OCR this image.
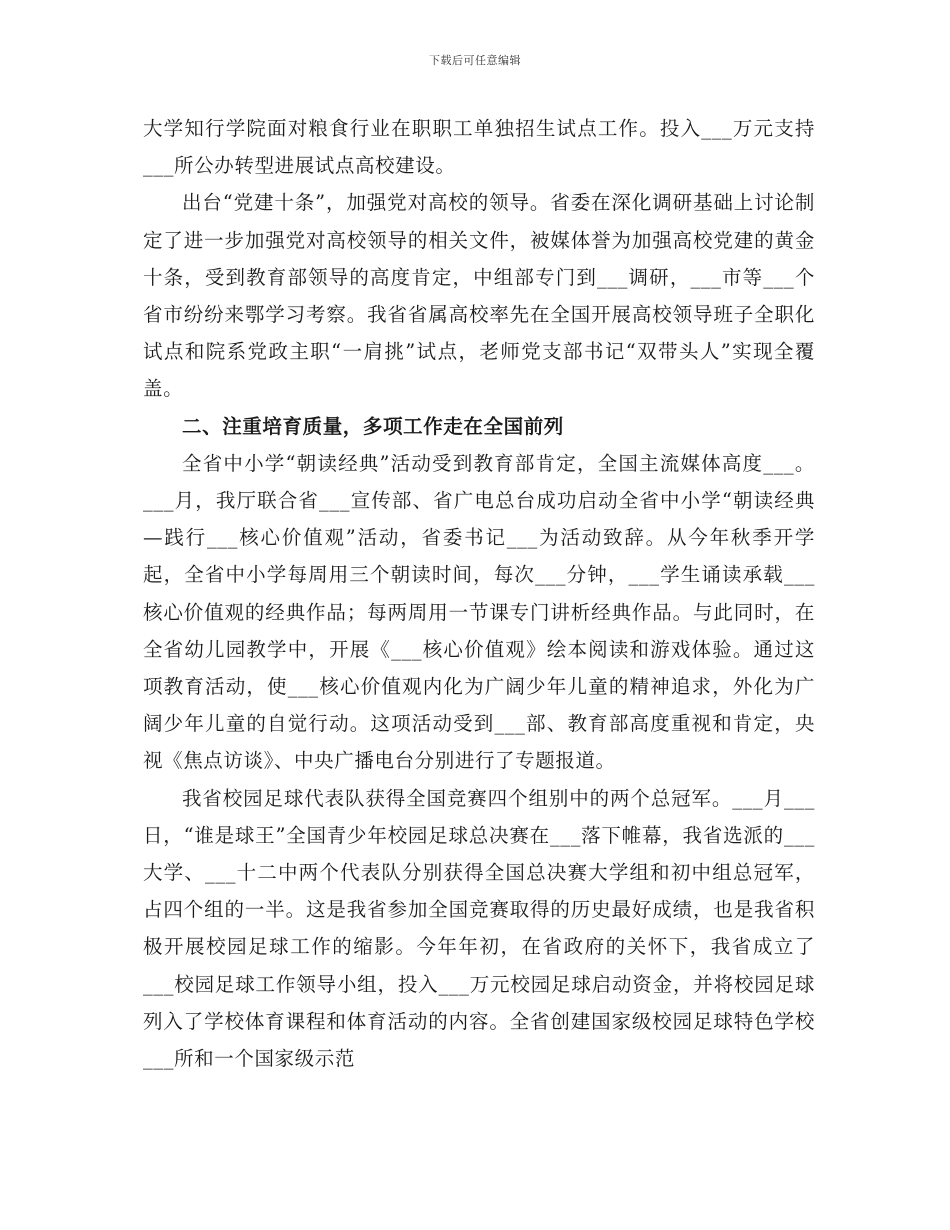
下载后可任意编辑

大学知行学院面对粮食行业在职职工单独招生试点工作。投入___万元支持___所公办转型进展试点高校建设。

出台“党建十条”，加强党对高校的领导。省委在深化调研基础上讨论制定了进一步加强党对高校领导的相关文件，被媒体誉为加强高校党建的黄金十条，受到教育部领导的高度肯定，中组部专门到___调研，___市等___个省市纷纷来鄂学习考察。我省省属高校率先在全国开展高校领导班子全职化试点和院系党政主职“一肩挑”试点，老师党支部书记“双带头人”实现全覆盖。

二、注重培育质量，多项工作走在全国前列

全省中小学“朝读经典”活动受到教育部肯定，全国主流媒体高度___。___月，我厅联合省___宣传部、省广电总台成功启动全省中小学“朝读经典—践行___核心价值观”活动，省委书记___为活动致辞。从今年秋季开学起，全省中小学每周用三个朝读时间，每次___分钟，___学生诵读承载___核心价值观的经典作品；每两周用一节课专门讲析经典作品。与此同时，在全省幼儿园教学中，开展《___核心价值观》绘本阅读和游戏体验。通过这项教育活动，使___核心价值观内化为广阔少年儿童的精神追求，外化为广阔少年儿童的自觉行动。这项活动受到___部、教育部高度重视和肯定，央视《焦点访谈》、中央广播电台分别进行了专题报道。

我省校园足球代表队获得全国竞赛四个组别中的两个总冠军。___月___日，“谁是球王”全国青少年校园足球总决赛在___落下帷幕，我省选派的___大学、___十二中两个代表队分别获得全国总决赛大学组和初中组总冠军，占四个组的一半。这是我省参加全国竞赛取得的历史最好成绩，也是我省积极开展校园足球工作的缩影。今年年初，在省政府的关怀下，我省成立了___校园足球工作领导小组，投入___万元校园足球启动资金，并将校园足球列入了学校体育课程和体育活动的内容。全省创建国家级校园足球特色学校___所和一个国家级示范
